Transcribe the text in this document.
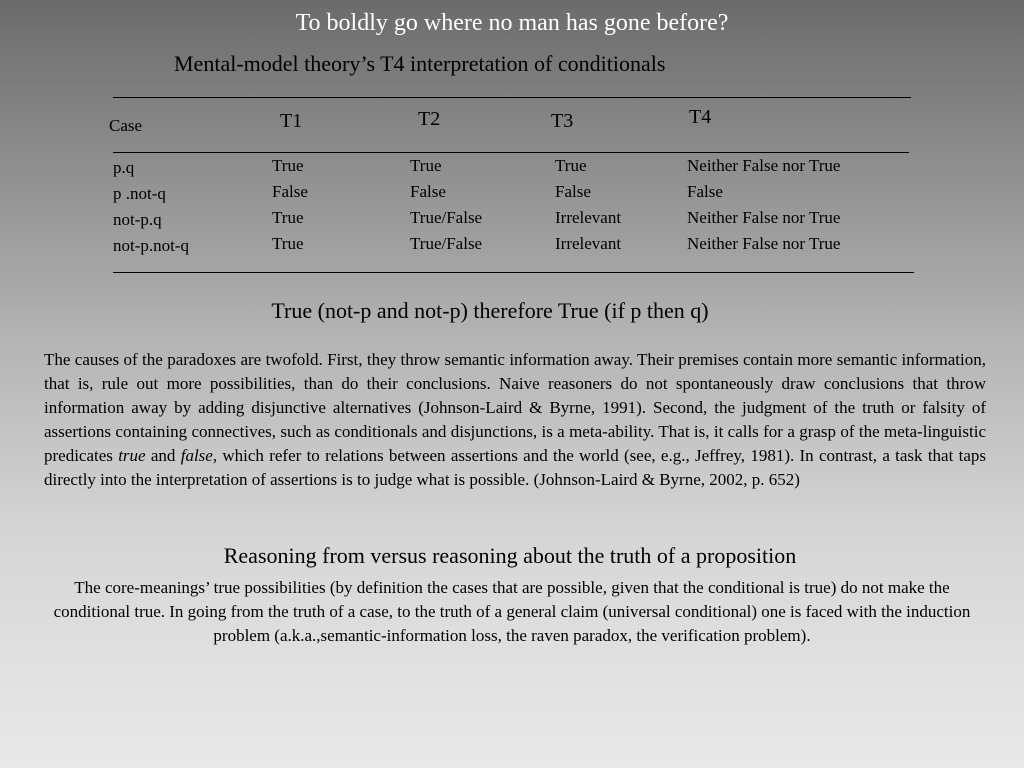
To boldly go where no man has gone before?
Mental-model theory’s T4 interpretation of conditionals
Case	T1	T2	T3	T4
p.q	True	True	True	Neither False nor True
p .not-q	False	False	False	False
not-p.q	True	True/False	Irrelevant	Neither False nor True
not-p.not-q	True	True/False	Irrelevant	Neither False nor True
True (not-p and not-p) therefore True (if p then q)
The causes of the paradoxes are twofold. First, they throw semantic information away. Their premises contain more semantic information, that is, rule out more possibilities, than do their conclusions. Naive reasoners do not spontaneously draw conclusions that throw information away by adding disjunctive alternatives (Johnson-Laird & Byrne, 1991). Second, the judgment of the truth or falsity of assertions containing connectives, such as conditionals and disjunctions, is a meta-ability. That is, it calls for a grasp of the meta-linguistic predicates true and false, which refer to relations between assertions and the world (see, e.g., Jeffrey, 1981). In contrast, a task that taps directly into the interpretation of assertions is to judge what is possible. (Johnson-Laird & Byrne, 2002, p. 652)
Reasoning from versus reasoning about the truth of a proposition
The core-meanings’ true possibilities (by definition the cases that are possible, given that the conditional is true) do not make the conditional true. In going from the truth of a case, to the truth of a general claim (universal conditional) one is faced with the induction problem (a.k.a.,semantic-information loss, the raven paradox, the verification problem).
